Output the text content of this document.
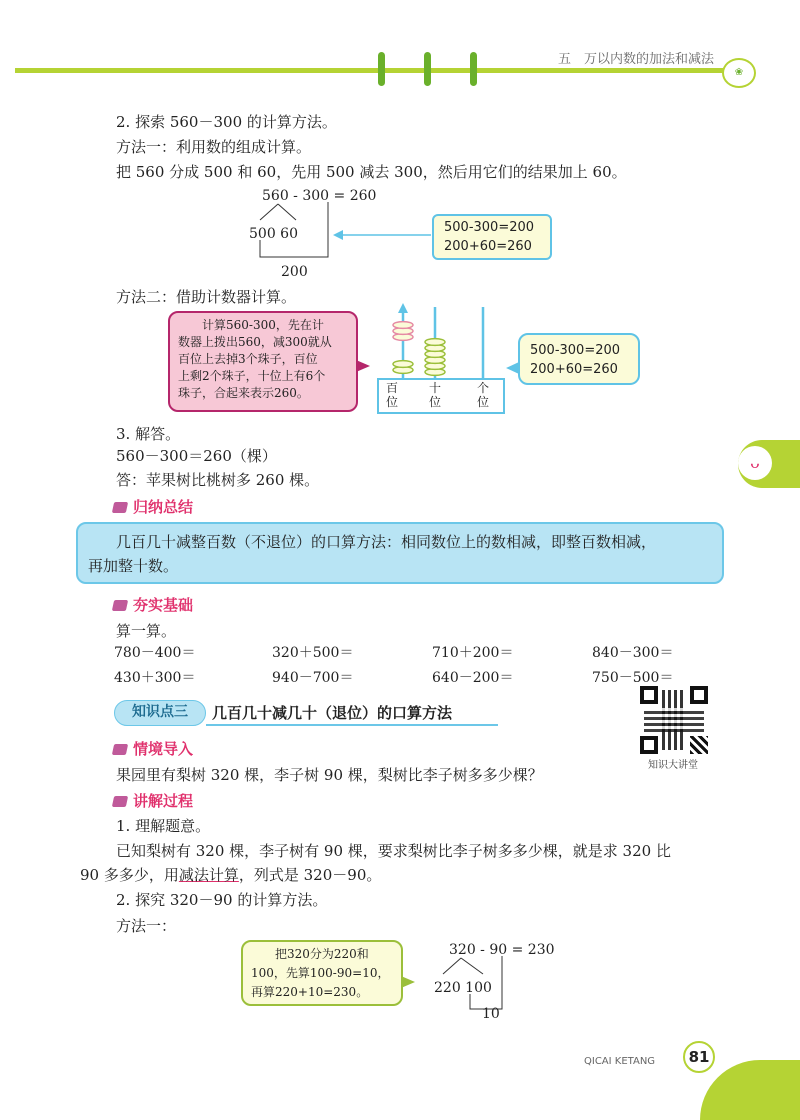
五　万以内数的加法和减法
❀
2. 探索 560－300 的计算方法。
方法一：利用数的组成计算。
把 560 分成 500 和 60，先用 500 减去 300，然后用它们的结果加上 60。
560 - 300 = 260
500 60
200
500-300=200
200+60=260
方法二：借助计数器计算。
计算560-300，先在计
数器上拨出560，减300就从
百位上去掉3个珠子，百位
上剩2个珠子，十位上有6个
珠子，合起来表示260。	百
位
十
位
个
位
500-300=200
200+60=260
3. 解答。
560－300＝260（棵）
答：苹果树比桃树多 260 棵。
ᴗ
归纳总结
几百几十减整百数（不退位）的口算方法：相同数位上的数相减，即整百数相减，
再加整十数。
夯实基础
算一算。
780－400＝	320＋500＝	710＋200＝	840－300＝
430＋300＝	940－700＝	640－200＝	750－500＝
知识点三	几百几十减几十（退位）的口算方法
知识大讲堂
情境导入
果园里有梨树 320 棵，李子树 90 棵，梨树比李子树多多少棵？
讲解过程
1. 理解题意。
已知梨树有 320 棵，李子树有 90 棵，要求梨树比李子树多多少棵，就是求 320 比
90 多多少，用减法计算，列式是 320－90。
2. 探究 320－90 的计算方法。
方法一：
把320分为220和
100，先算100-90=10，
再算220+10=230。
320 - 90 = 230
220 100
10
QICAI KETANG	81
